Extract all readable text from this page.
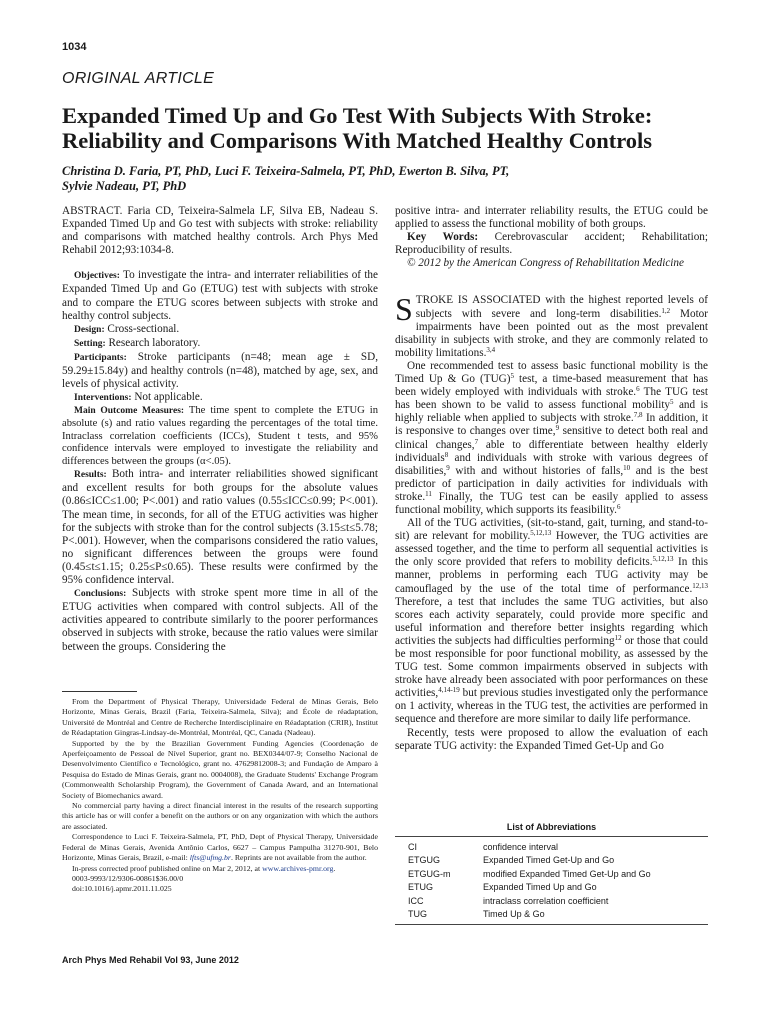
1034
ORIGINAL ARTICLE
Expanded Timed Up and Go Test With Subjects With Stroke:
Reliability and Comparisons With Matched Healthy Controls
Christina D. Faria, PT, PhD, Luci F. Teixeira-Salmela, PT, PhD, Ewerton B. Silva, PT,
Sylvie Nadeau, PT, PhD

ABSTRACT. Faria CD, Teixeira-Salmela LF, Silva EB, Nadeau S. Expanded Timed Up and Go test with subjects with stroke: reliability and comparisons with matched healthy controls. Arch Phys Med Rehabil 2012;93:1034-8.

Objectives: To investigate the intra- and interrater reliabilities of the Expanded Timed Up and Go (ETUG) test with subjects with stroke and to compare the ETUG scores between subjects with stroke and healthy control subjects.

Design: Cross-sectional.

Setting: Research laboratory.

Participants: Stroke participants (n=48; mean age ± SD, 59.29±15.84y) and healthy controls (n=48), matched by age, sex, and levels of physical activity.

Interventions: Not applicable.

Main Outcome Measures: The time spent to complete the ETUG in absolute (s) and ratio values regarding the percentages of the total time. Intraclass correlation coefficients (ICCs), Student t tests, and 95% confidence intervals were employed to investigate the reliability and differences between the groups (α<.05).

Results: Both intra- and interrater reliabilities showed significant and excellent results for both groups for the absolute values (0.86≤ICC≤1.00; P<.001) and ratio values (0.55≤ICC≤0.99; P<.001). The mean time, in seconds, for all of the ETUG activities was higher for the subjects with stroke than for the control subjects (3.15≤t≤5.78; P<.001). However, when the comparisons considered the ratio values, no significant differences between the groups were found (0.45≤t≤1.15; 0.25≤P≤0.65). These results were confirmed by the 95% confidence interval.

Conclusions: Subjects with stroke spent more time in all of the ETUG activities when compared with control subjects. All of the activities appeared to contribute similarly to the poorer performances observed in subjects with stroke, because the ratio values were similar between the groups. Considering the

From the Department of Physical Therapy, Universidade Federal de Minas Gerais, Belo Horizonte, Minas Gerais, Brazil (Faria, Teixeira-Salmela, Silva); and École de réadaptation, Université de Montréal and Centre de Recherche Interdisciplinaire en Réadaptation (CRIR), Institut de Réadaptation Gingras-Lindsay-de-Montréal, Montréal, QC, Canada (Nadeau).

Supported by the by the Brazilian Government Funding Agencies (Coordenação de Aperfeiçoamento de Pessoal de Nível Superior, grant no. BEX0344/07-9; Conselho Nacional de Desenvolvimento Científico e Tecnológico, grant no. 47629812008-3; and Fundação de Amparo à Pesquisa do Estado de Minas Gerais, grant no. 0004008), the Graduate Students' Exchange Program (Commonwealth Scholarship Program), the Government of Canada Award, and an International Society of Biomechanics award.

No commercial party having a direct financial interest in the results of the research supporting this article has or will confer a benefit on the authors or on any organization with which the authors are associated.

Correspondence to Luci F. Teixeira-Salmela, PT, PhD, Dept of Physical Therapy, Universidade Federal de Minas Gerais, Avenida Antônio Carlos, 6627 – Campus Pampulha 31270-901, Belo Horizonte, Minas Gerais, Brazil, e-mail: lfts@ufmg.br. Reprints are not available from the author.

In-press corrected proof published online on Mar 2, 2012, at www.archives-pmr.org.

0003-9993/12/9306-00861$36.00/0

doi:10.1016/j.apmr.2011.11.025

positive intra- and interrater reliability results, the ETUG could be applied to assess the functional mobility of both groups.

Key Words: Cerebrovascular accident; Rehabilitation; Reproducibility of results.

© 2012 by the American Congress of Rehabilitation Medicine

STROKE IS ASSOCIATED with the highest reported levels of subjects with severe and long-term disabilities.$^{1,2}$ Motor impairments have been pointed out as the most prevalent disability in subjects with stroke, and they are commonly related to mobility limitations.$^{3,4}$

One recommended test to assess basic functional mobility is the Timed Up & Go (TUG)$^5$ test, a time-based measurement that has been widely employed with individuals with stroke.$^6$ The TUG test has been shown to be valid to assess functional mobility$^5$ and is highly reliable when applied to subjects with stroke.$^{7,8}$ In addition, it is responsive to changes over time,$^9$ sensitive to detect both real and clinical changes,$^7$ able to differentiate between healthy elderly individuals$^8$ and individuals with stroke with various degrees of disabilities,$^9$ with and without histories of falls,$^{10}$ and is the best predictor of participation in daily activities for individuals with stroke.$^{11}$ Finally, the TUG test can be easily applied to assess functional mobility, which supports its feasibility.$^6$

All of the TUG activities, (sit-to-stand, gait, turning, and stand-to-sit) are relevant for mobility.$^{5,12,13}$ However, the TUG activities are assessed together, and the time to perform all sequential activities is the only score provided that refers to mobility deficits.$^{5,12,13}$ In this manner, problems in performing each TUG activity may be camouflaged by the use of the total time of performance.$^{12,13}$ Therefore, a test that includes the same TUG activities, but also scores each activity separately, could provide more specific and useful information and therefore better insights regarding which activities the subjects had difficulties performing$^{12}$ or those that could be most responsible for poor functional mobility, as assessed by the TUG test. Some common impairments observed in subjects with stroke have already been associated with poor performances on these activities,$^{4,14-19}$ but previous studies investigated only the performance on 1 activity, whereas in the TUG test, the activities are performed in sequence and therefore are more similar to daily life performance.

Recently, tests were proposed to allow the evaluation of each separate TUG activity: the Expanded Timed Get-Up and Go

List of Abbreviations
CI	confidence interval
ETGUG	Expanded Timed Get-Up and Go
ETGUG-m	modified Expanded Timed Get-Up and Go
ETUG	Expanded Timed Up and Go
ICC	intraclass correlation coefficient
TUG	Timed Up & Go
Arch Phys Med Rehabil Vol 93, June 2012
